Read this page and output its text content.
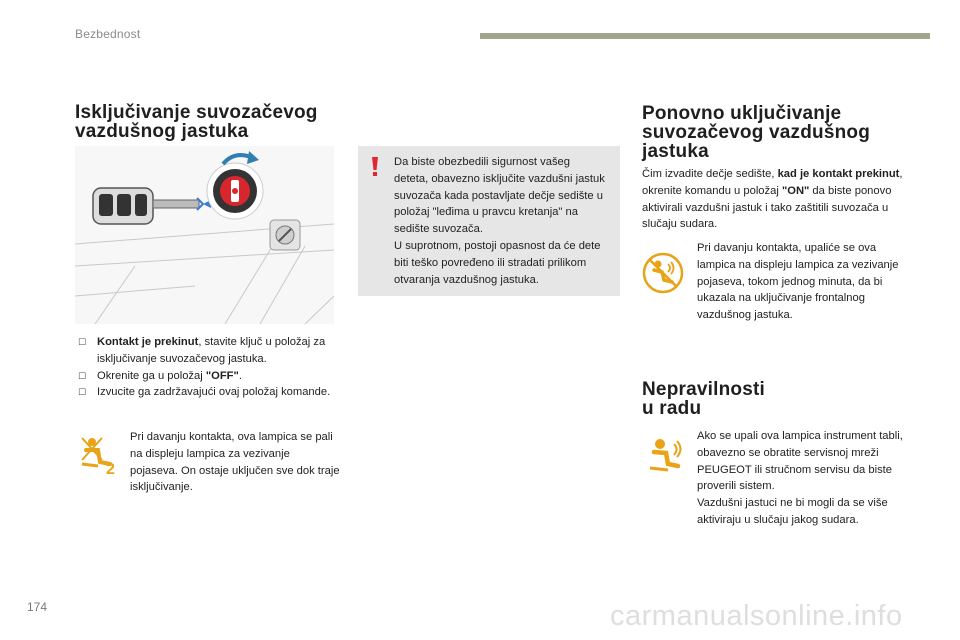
Bezbednost
Isključivanje suvozačevog
vazdušnog jastuka
☐ Kontakt je prekinut, stavite ključ u položaj za isključivanje suvozačevog jastuka.
☐ Okrenite ga u položaj "OFF".
☐ Izvucite ga zadržavajući ovaj položaj komande.
2
Pri davanju kontakta, ova lampica se pali na displeju lampica za vezivanje pojaseva. On ostaje uključen sve dok traje isključivanje.
Da biste obezbedili sigurnost vašeg deteta, obavezno isključite vazdušni jastuk suvozača kada postavljate dečje sedište u položaj "leđima u pravcu kretanja" na sedište suvozača.
U suprotnom, postoji opasnost da će dete biti teško povređeno ili stradati prilikom otvaranja vazdušnog jastuka.
Ponovno uključivanje
suvozačevog vazdušnog
jastuka
Čim izvadite dečje sedište, kad je kontakt prekinut, okrenite komandu u položaj "ON" da biste ponovo aktivirali vazdušni jastuk i tako zaštitili suvozača u slučaju sudara.
Pri davanju kontakta, upaliće se ova lampica na displeju lampica za vezivanje pojaseva, tokom jednog minuta, da bi ukazala na uključivanje frontalnog vazdušnog jastuka.
Nepravilnosti
u radu
Ako se upali ova lampica instrument tabli, obavezno se obratite servisnoj mreži PEUGEOT ili stručnom servisu da biste proverili sistem.
Vazdušni jastuci ne bi mogli da se više aktiviraju u slučaju jakog sudara.
174	carmanualsonline.info
